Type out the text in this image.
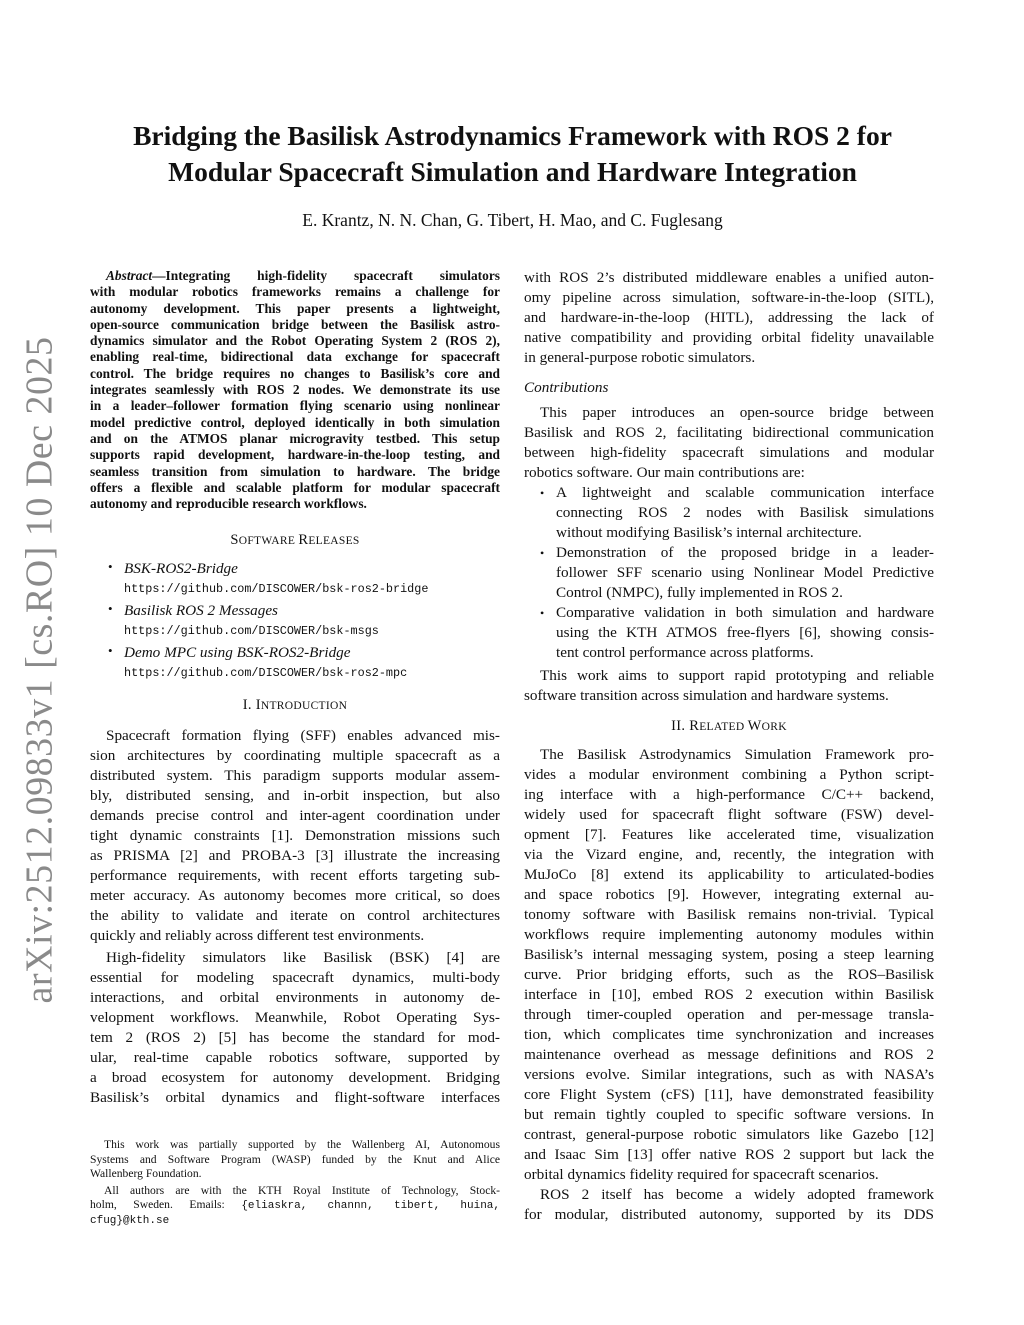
arXiv:2512.09833v1 [cs.RO] 10 Dec 2025
Bridging the Basilisk Astrodynamics Framework with ROS 2 for
Modular Spacecraft Simulation and Hardware Integration
E. Krantz, N. N. Chan, G. Tibert, H. Mao, and C. Fuglesang
Abstract—Integrating high-fidelity spacecraft simulators
with modular robotics frameworks remains a challenge for
autonomy development. This paper presents a lightweight,
open-source communication bridge between the Basilisk astro-
dynamics simulator and the Robot Operating System 2 (ROS 2),
enabling real-time, bidirectional data exchange for spacecraft
control. The bridge requires no changes to Basilisk’s core and
integrates seamlessly with ROS 2 nodes. We demonstrate its use
in a leader–follower formation flying scenario using nonlinear
model predictive control, deployed identically in both simulation
and on the ATMOS planar microgravity testbed. This setup
supports rapid development, hardware-in-the-loop testing, and
seamless transition from simulation to hardware. The bridge
offers a flexible and scalable platform for modular spacecraft
autonomy and reproducible research workflows.
SOFTWARE RELEASES
• BSK-ROS2-Bridge
https://github.com/DISCOWER/bsk-ros2-bridge
• Basilisk ROS 2 Messages
https://github.com/DISCOWER/bsk-msgs
• Demo MPC using BSK-ROS2-Bridge
https://github.com/DISCOWER/bsk-ros2-mpc
I. INTRODUCTION
Spacecraft formation flying (SFF) enables advanced mis-
sion architectures by coordinating multiple spacecraft as a
distributed system. This paradigm supports modular assem-
bly, distributed sensing, and in-orbit inspection, but also
demands precise control and inter-agent coordination under
tight dynamic constraints [1]. Demonstration missions such
as PRISMA [2] and PROBA-3 [3] illustrate the increasing
performance requirements, with recent efforts targeting sub-
meter accuracy. As autonomy becomes more critical, so does
the ability to validate and iterate on control architectures
quickly and reliably across different test environments.
High-fidelity simulators like Basilisk (BSK) [4] are
essential for modeling spacecraft dynamics, multi-body
interactions, and orbital environments in autonomy de-
velopment workflows. Meanwhile, Robot Operating Sys-
tem 2 (ROS 2) [5] has become the standard for mod-
ular, real-time capable robotics software, supported by
a broad ecosystem for autonomy development. Bridging
Basilisk’s orbital dynamics and flight-software interfaces
This work was partially supported by the Wallenberg AI, Autonomous
Systems and Software Program (WASP) funded by the Knut and Alice
Wallenberg Foundation.
All authors are with the KTH Royal Institute of Technology, Stock-
holm, Sweden. Emails: {eliaskra, channn, tibert, huina,
cfug}@kth.se
with ROS 2’s distributed middleware enables a unified auton-
omy pipeline across simulation, software-in-the-loop (SITL),
and hardware-in-the-loop (HITL), addressing the lack of
native compatibility and providing orbital fidelity unavailable
in general-purpose robotic simulators.
Contributions
This paper introduces an open-source bridge between
Basilisk and ROS 2, facilitating bidirectional communication
between high-fidelity spacecraft simulations and modular
robotics software. Our main contributions are:
• A lightweight and scalable communication interface
connecting ROS 2 nodes with Basilisk simulations
without modifying Basilisk’s internal architecture.
• Demonstration of the proposed bridge in a leader-
follower SFF scenario using Nonlinear Model Predictive
Control (NMPC), fully implemented in ROS 2.
• Comparative validation in both simulation and hardware
using the KTH ATMOS free-flyers [6], showing consis-
tent control performance across platforms.
This work aims to support rapid prototyping and reliable
software transition across simulation and hardware systems.
II. RELATED WORK
The Basilisk Astrodynamics Simulation Framework pro-
vides a modular environment combining a Python script-
ing interface with a high-performance C/C++ backend,
widely used for spacecraft flight software (FSW) devel-
opment [7]. Features like accelerated time, visualization
via the Vizard engine, and, recently, the integration with
MuJoCo [8] extend its applicability to articulated-bodies
and space robotics [9]. However, integrating external au-
tonomy software with Basilisk remains non-trivial. Typical
workflows require implementing autonomy modules within
Basilisk’s internal messaging system, posing a steep learning
curve. Prior bridging efforts, such as the ROS–Basilisk
interface in [10], embed ROS 2 execution within Basilisk
through timer-coupled operation and per-message transla-
tion, which complicates time synchronization and increases
maintenance overhead as message definitions and ROS 2
versions evolve. Similar integrations, such as with NASA’s
core Flight System (cFS) [11], have demonstrated feasibility
but remain tightly coupled to specific software versions. In
contrast, general-purpose robotic simulators like Gazebo [12]
and Isaac Sim [13] offer native ROS 2 support but lack the
orbital dynamics fidelity required for spacecraft scenarios.
ROS 2 itself has become a widely adopted framework
for modular, distributed autonomy, supported by its DDS
